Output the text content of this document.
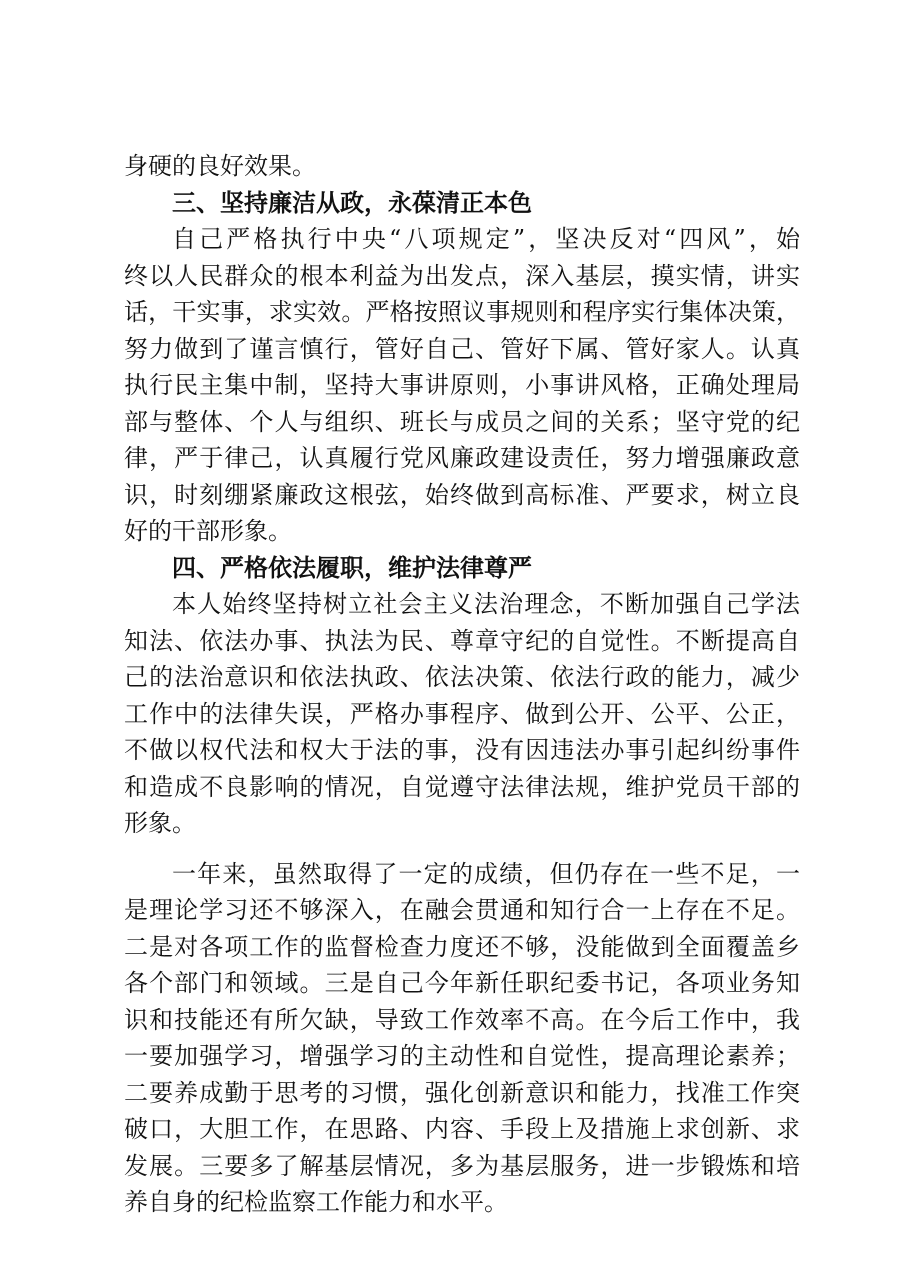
身硬的良好效果。
三、坚持廉洁从政，永葆清正本色
自己严格执行中央“八项规定”，坚决反对“四风”，始
终以人民群众的根本利益为出发点，深入基层，摸实情，讲实
话，干实事，求实效。严格按照议事规则和程序实行集体决策，
努力做到了谨言慎行，管好自己、管好下属、管好家人。认真
执行民主集中制，坚持大事讲原则，小事讲风格，正确处理局
部与整体、个人与组织、班长与成员之间的关系；坚守党的纪
律，严于律己，认真履行党风廉政建设责任，努力增强廉政意
识，时刻绷紧廉政这根弦，始终做到高标准、严要求，树立良
好的干部形象。
四、严格依法履职，维护法律尊严
本人始终坚持树立社会主义法治理念，不断加强自己学法
知法、依法办事、执法为民、尊章守纪的自觉性。不断提高自
己的法治意识和依法执政、依法决策、依法行政的能力，减少
工作中的法律失误，严格办事程序、做到公开、公平、公正，
不做以权代法和权大于法的事，没有因违法办事引起纠纷事件
和造成不良影响的情况，自觉遵守法律法规，维护党员干部的
形象。
一年来，虽然取得了一定的成绩，但仍存在一些不足，一
是理论学习还不够深入，在融会贯通和知行合一上存在不足。
二是对各项工作的监督检查力度还不够，没能做到全面覆盖乡
各个部门和领域。三是自己今年新任职纪委书记，各项业务知
识和技能还有所欠缺，导致工作效率不高。在今后工作中，我
一要加强学习，增强学习的主动性和自觉性，提高理论素养；
二要养成勤于思考的习惯，强化创新意识和能力，找准工作突
破口，大胆工作，在思路、内容、手段上及措施上求创新、求
发展。三要多了解基层情况，多为基层服务，进一步锻炼和培
养自身的纪检监察工作能力和水平。
